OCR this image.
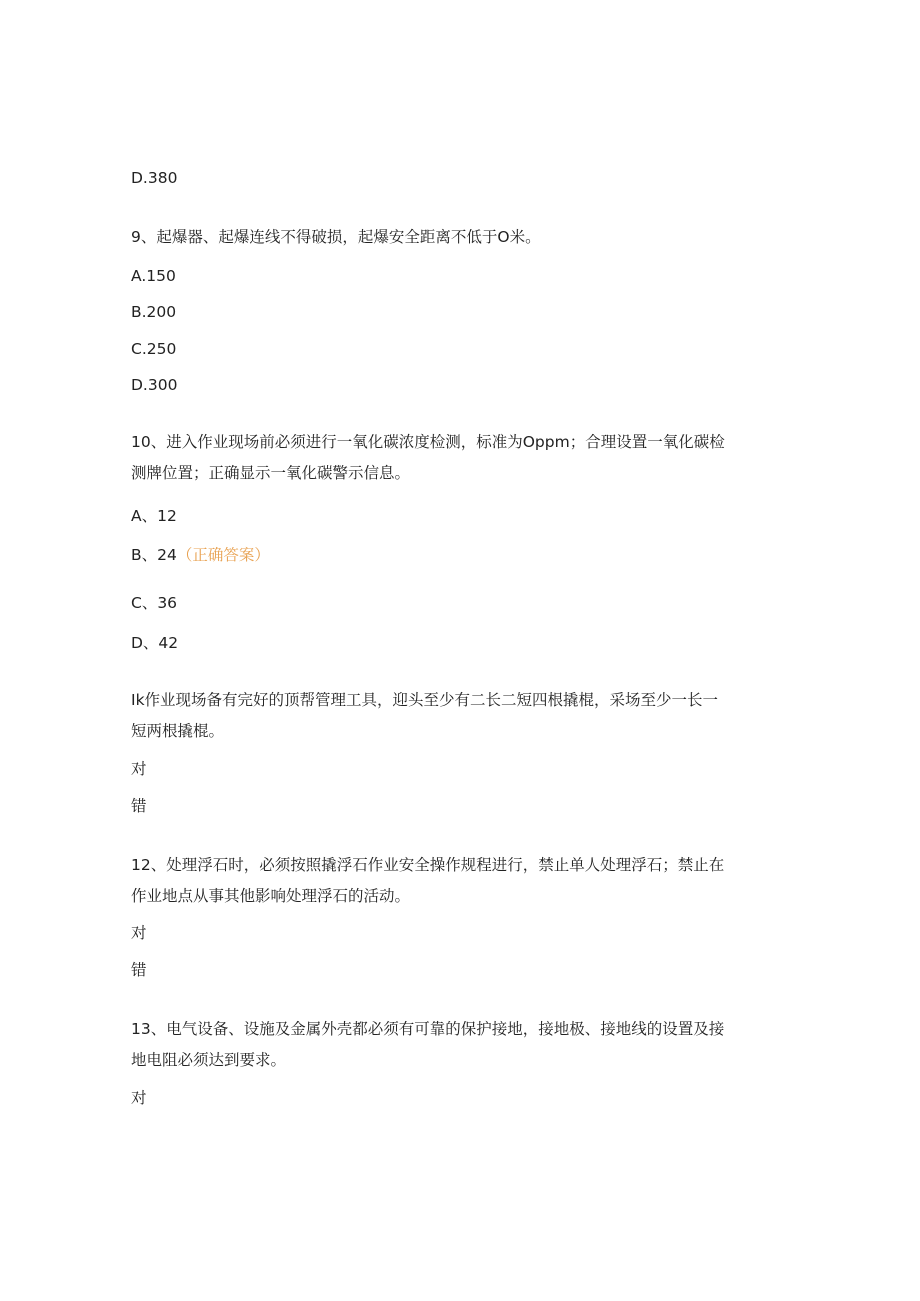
D.380
9、起爆器、起爆连线不得破损，起爆安全距离不低于O米。
A.150
B.200
C.250
D.300
10、进入作业现场前必须进行一氧化碳浓度检测，标准为Oppm；合理设置一氧化碳检
测牌位置；正确显示一氧化碳警示信息。
A、12
B、24（正确答案）
C、36
D、42
Ik作业现场备有完好的顶帮管理工具，迎头至少有二长二短四根撬棍，采场至少一长一
短两根撬棍。
对
错
12、处理浮石时，必须按照撬浮石作业安全操作规程进行，禁止单人处理浮石；禁止在
作业地点从事其他影响处理浮石的活动。
对
错
13、电气设备、设施及金属外壳都必须有可靠的保护接地，接地极、接地线的设置及接
地电阻必须达到要求。
对
